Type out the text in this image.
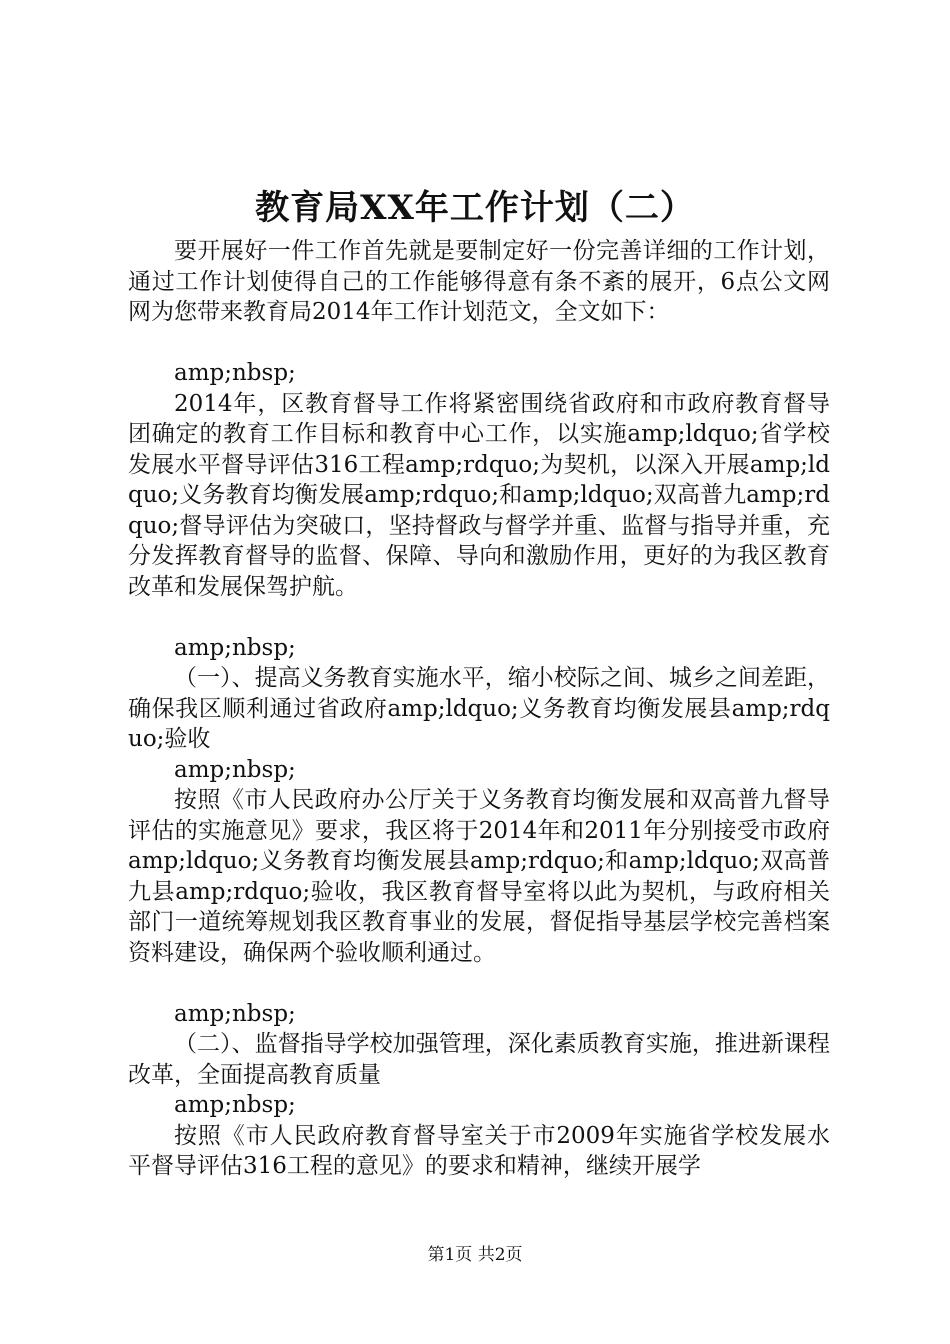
教育局XX年工作计划（二）

要开展好一件工作首先就是要制定好一份完善详细的工作计划，通过工作计划使得自己的工作能够得意有条不紊的展开，6点公文网网为您带来教育局2014年工作计划范文，全文如下：

amp;nbsp;

2014年，区教育督导工作将紧密围绕省政府和市政府教育督导团确定的教育工作目标和教育中心工作，以实施amp;ldquo;省学校发展水平督导评估316工程amp;rdquo;为契机，以深入开展amp;ldquo;义务教育均衡发展amp;rdquo;和amp;ldquo;双高普九amp;rdquo;督导评估为突破口，坚持督政与督学并重、监督与指导并重，充分发挥教育督导的监督、保障、导向和激励作用，更好的为我区教育改革和发展保驾护航。

amp;nbsp;

（一）、提高义务教育实施水平，缩小校际之间、城乡之间差距，确保我区顺利通过省政府amp;ldquo;义务教育均衡发展县amp;rdquo;验收

amp;nbsp;

按照《市人民政府办公厅关于义务教育均衡发展和双高普九督导评估的实施意见》要求，我区将于2014年和2011年分别接受市政府amp;ldquo;义务教育均衡发展县amp;rdquo;和amp;ldquo;双高普九县amp;rdquo;验收，我区教育督导室将以此为契机，与政府相关部门一道统筹规划我区教育事业的发展，督促指导基层学校完善档案资料建设，确保两个验收顺利通过。

amp;nbsp;

（二）、监督指导学校加强管理，深化素质教育实施，推进新课程改革，全面提高教育质量

amp;nbsp;

按照《市人民政府教育督导室关于市2009年实施省学校发展水平督导评估316工程的意见》的要求和精神，继续开展学

第1页 共2页
